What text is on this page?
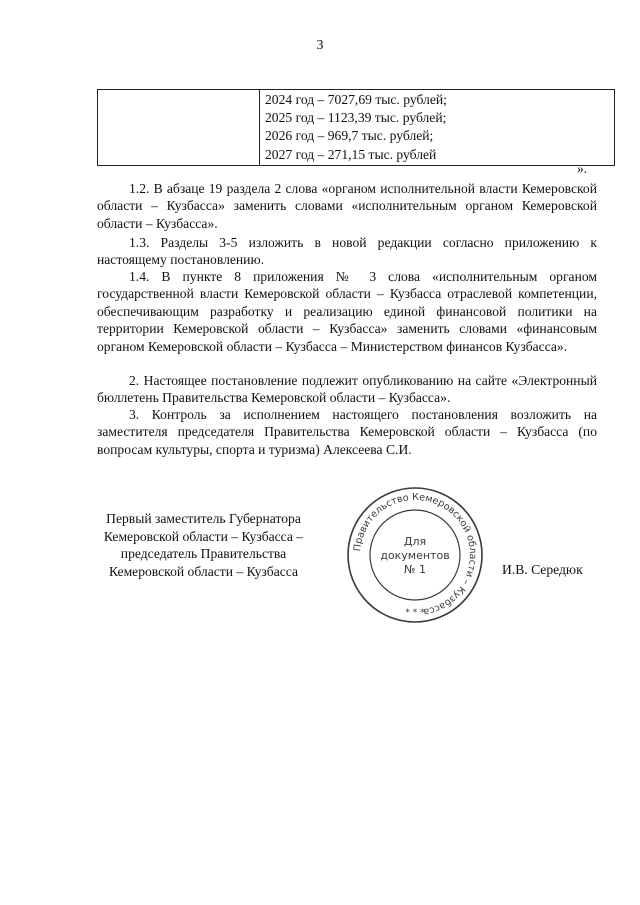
3

2024 год – 7027,69 тыс. рублей;
2025 год – 1123,39 тыс. рублей;
2026 год – 969,7 тыс. рублей;
2027 год – 271,15 тыс. рублей
».

1.2. В абзаце 19 раздела 2 слова «органом исполнительной власти Кемеровской области – Кузбасса» заменить словами «исполнительным органом Кемеровской области – Кузбасса».

1.3. Разделы 3-5 изложить в новой редакции согласно приложению к настоящему постановлению.

1.4. В пункте 8 приложения № 3 слова «исполнительным органом государственной власти Кемеровской области – Кузбасса отраслевой компетенции, обеспечивающим разработку и реализацию единой финансовой политики на территории Кемеровской области – Кузбасса» заменить словами «финансовым органом Кемеровской области – Кузбасса – Министерством финансов Кузбасса».

2. Настоящее постановление подлежит опубликованию на сайте «Электронный бюллетень Правительства Кемеровской области – Кузбасса».

3. Контроль за исполнением настоящего постановления возложить на заместителя председателя Правительства Кемеровской области – Кузбасса (по вопросам культуры, спорта и туризма) Алексеева С.И.

Первый заместитель Губернатора
Кемеровской области – Кузбасса –
председатель Правительства
Кемеровской области – Кузбасса
Правительство Кемеровской области – Кузбасса
Для
документов
№ 1
* * *
И.В. Середюк
